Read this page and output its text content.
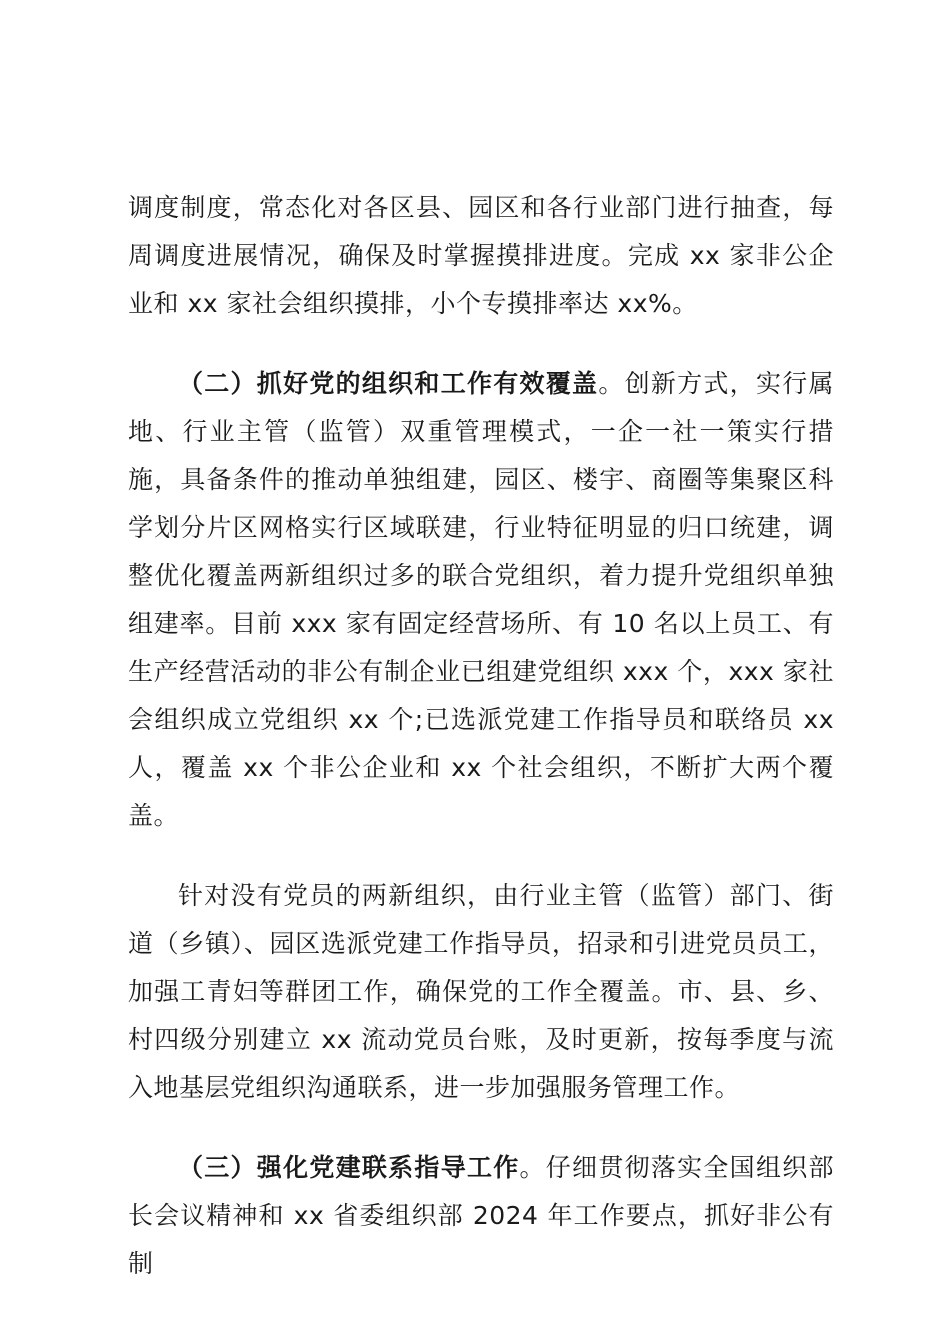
调度制度，常态化对各区县、园区和各行业部门进行抽查，每周调度进展情况，确保及时掌握摸排进度。完成 xx 家非公企业和 xx 家社会组织摸排，小个专摸排率达 xx%。

（二）抓好党的组织和工作有效覆盖。创新方式，实行属地、行业主管（监管）双重管理模式，一企一社一策实行措施，具备条件的推动单独组建，园区、楼宇、商圈等集聚区科学划分片区网格实行区域联建，行业特征明显的归口统建，调整优化覆盖两新组织过多的联合党组织，着力提升党组织单独组建率。目前 xxx 家有固定经营场所、有 10 名以上员工、有生产经营活动的非公有制企业已组建党组织 xxx 个，xxx 家社会组织成立党组织 xx 个;已选派党建工作指导员和联络员 xx 人，覆盖 xx 个非公企业和 xx 个社会组织，不断扩大两个覆盖。

针对没有党员的两新组织，由行业主管（监管）部门、街道（乡镇）、园区选派党建工作指导员，招录和引进党员员工，加强工青妇等群团工作，确保党的工作全覆盖。市、县、乡、村四级分别建立 xx 流动党员台账，及时更新，按每季度与流入地基层党组织沟通联系，进一步加强服务管理工作。

（三）强化党建联系指导工作。仔细贯彻落实全国组织部长会议精神和 xx 省委组织部 2024 年工作要点，抓好非公有制
